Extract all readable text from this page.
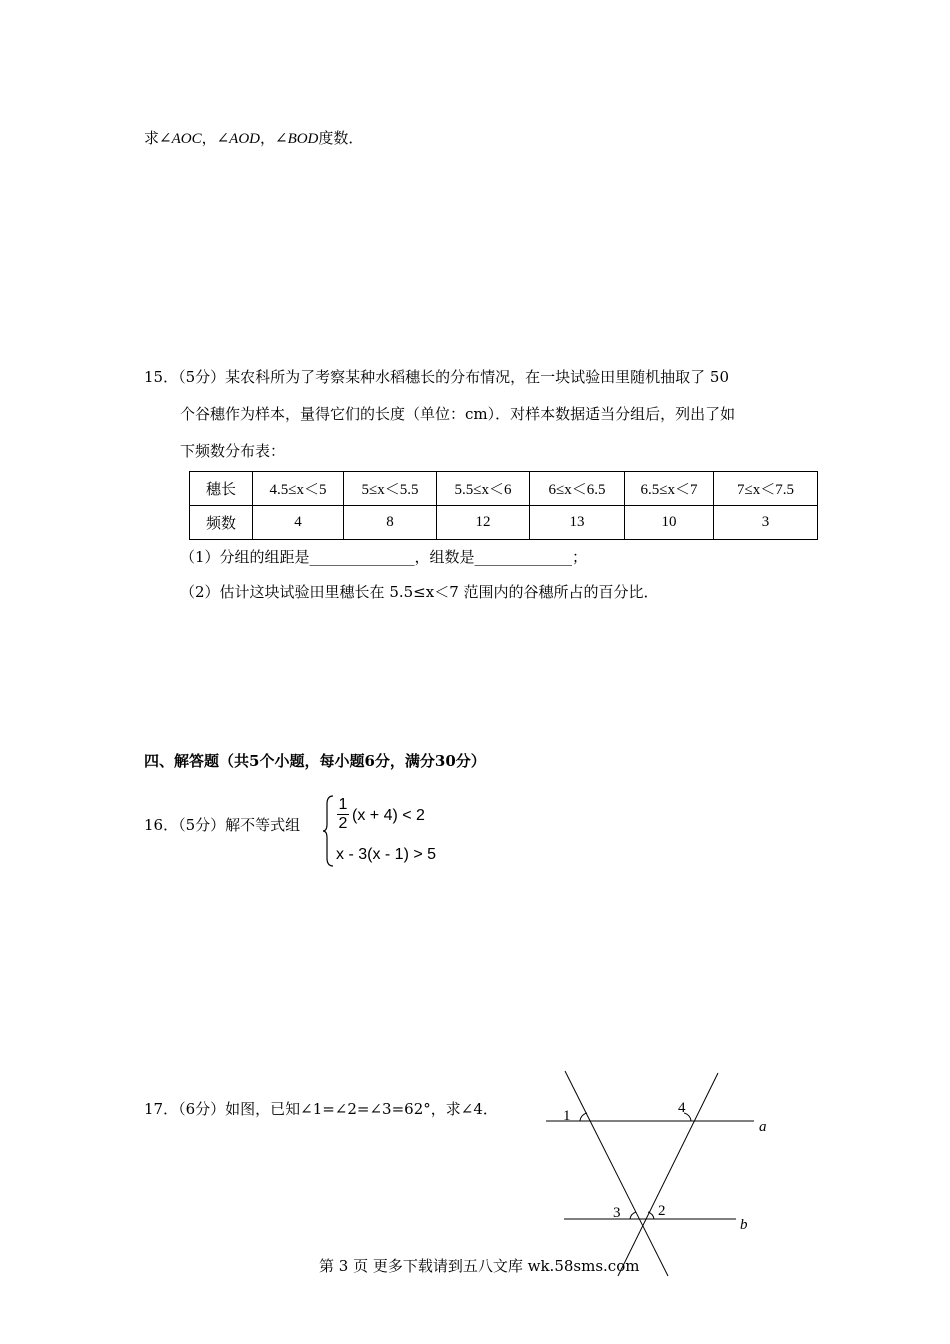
求∠AOC，∠AOD，∠BOD度数．
15．（5分）某农科所为了考察某种水稻穗长的分布情况，在一块试验田里随机抽取了 50
个谷穗作为样本，量得它们的长度（单位：cm）．对样本数据适当分组后，列出了如
下频数分布表：
穗长	4.5≤x＜5	5≤x＜5.5	5.5≤x＜6	6≤x＜6.5	6.5≤x＜7	7≤x＜7.5
频数	4	8	12	13	10	3
（1）分组的组距是______________，组数是_____________；
（2）估计这块试验田里穗长在 5.5≤x＜7 范围内的谷穗所占的百分比．
四、解答题（共5个小题，每小题6分，满分30分）
16．（5分）解不等式组
1
2 (x + 4) < 2
x - 3(x - 1) > 5
17．（6分）如图，已知∠1=∠2=∠3=62°，求∠4．	1	4
3	2
a
b
第 3 页 更多下载请到五八文库 wk.58sms.com
